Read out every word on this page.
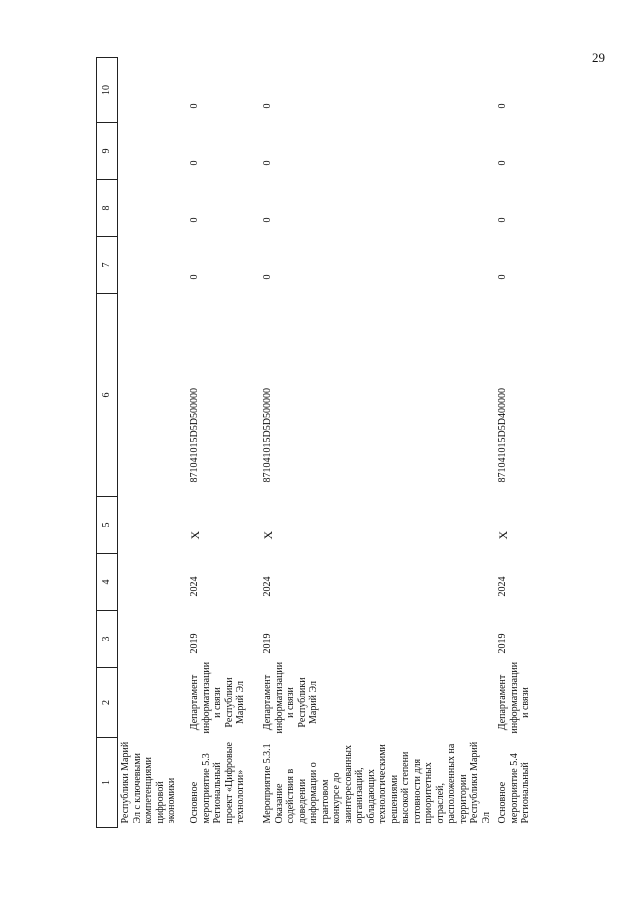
29
1	2	3	4	5	6	7	8	9	10
Республики Марий Эл с ключевыми компетенциями цифровой экономики									
Основное мероприятие 5.3 Региональный проект «Цифровые технологии»	Департамент информатизации и связи Республики Марий Эл	2019	2024	X	871041015D5D500000	0	0	0	0
Мероприятие 5.3.1 Оказание содействия в доведении информации о грантовом конкурсе до заинтересованных организаций, обладающих технологическими решениями высокой степени готовности для приоритетных отраслей, расположенных на территории Республики Марий Эл	Департамент информатизации и связи Республики Марий Эл	2019	2024	X	871041015D5D500000	0	0	0	0
Основное мероприятие 5.4 Региональный	Департамент информатизации и связи	2019	2024	X	871041015D5D400000	0	0	0	0
